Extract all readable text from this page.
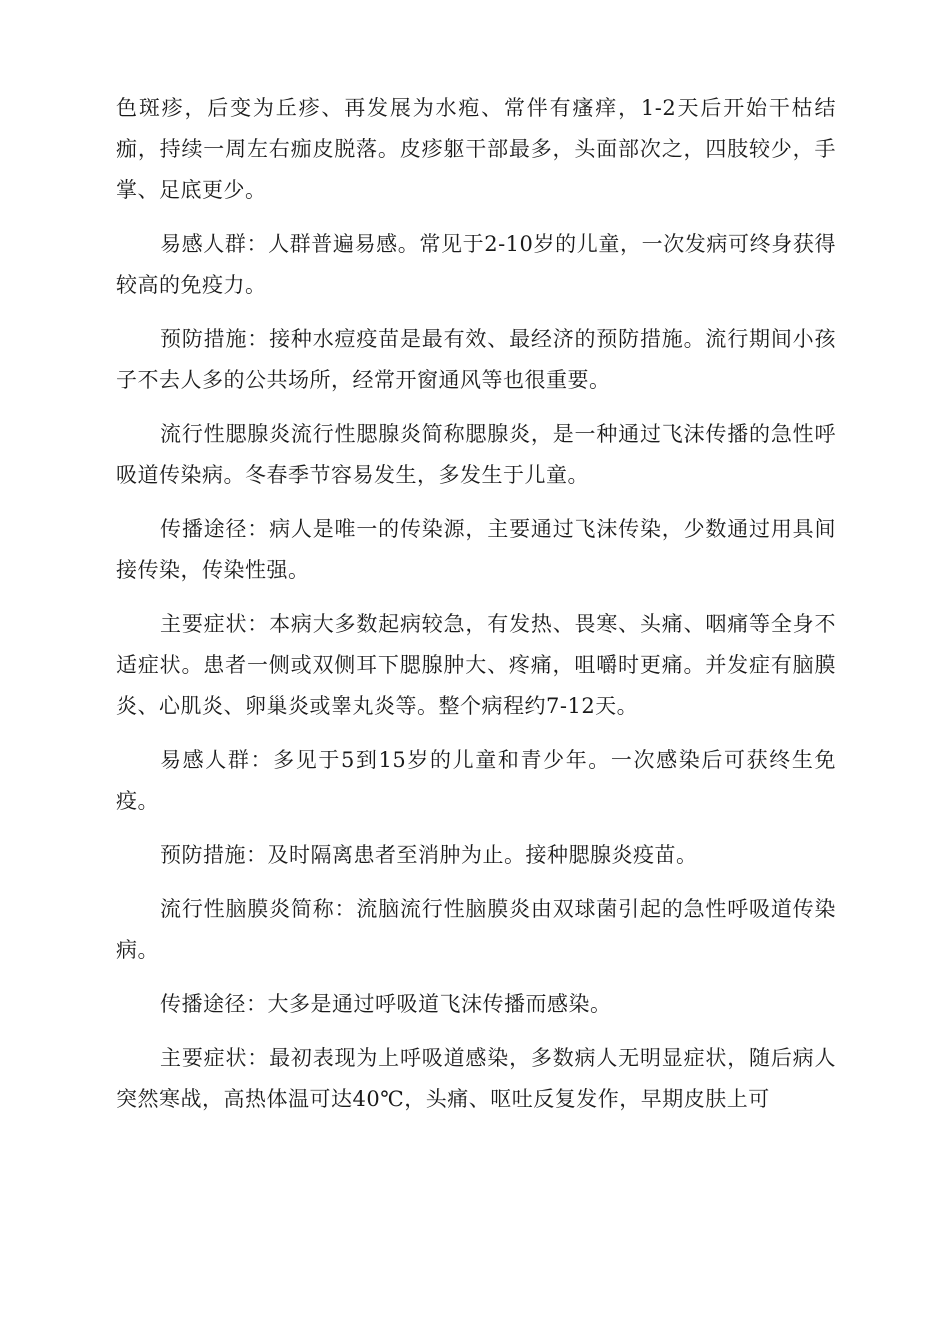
色斑疹，后变为丘疹、再发展为水疱、常伴有瘙痒，1-2天后开始干枯结痂，持续一周左右痂皮脱落。皮疹躯干部最多，头面部次之，四肢较少，手掌、足底更少。

易感人群：人群普遍易感。常见于2-10岁的儿童，一次发病可终身获得较高的免疫力。

预防措施：接种水痘疫苗是最有效、最经济的预防措施。流行期间小孩子不去人多的公共场所，经常开窗通风等也很重要。

流行性腮腺炎流行性腮腺炎简称腮腺炎，是一种通过飞沫传播的急性呼吸道传染病。冬春季节容易发生，多发生于儿童。

传播途径：病人是唯一的传染源，主要通过飞沫传染，少数通过用具间接传染，传染性强。

主要症状：本病大多数起病较急，有发热、畏寒、头痛、咽痛等全身不适症状。患者一侧或双侧耳下腮腺肿大、疼痛，咀嚼时更痛。并发症有脑膜炎、心肌炎、卵巢炎或睾丸炎等。整个病程约7-12天。

易感人群：多见于5到15岁的儿童和青少年。一次感染后可获终生免疫。

预防措施：及时隔离患者至消肿为止。接种腮腺炎疫苗。

流行性脑膜炎简称：流脑流行性脑膜炎由双球菌引起的急性呼吸道传染病。

传播途径：大多是通过呼吸道飞沫传播而感染。

主要症状：最初表现为上呼吸道感染，多数病人无明显症状，随后病人突然寒战，高热体温可达40℃，头痛、呕吐反复发作，早期皮肤上可
